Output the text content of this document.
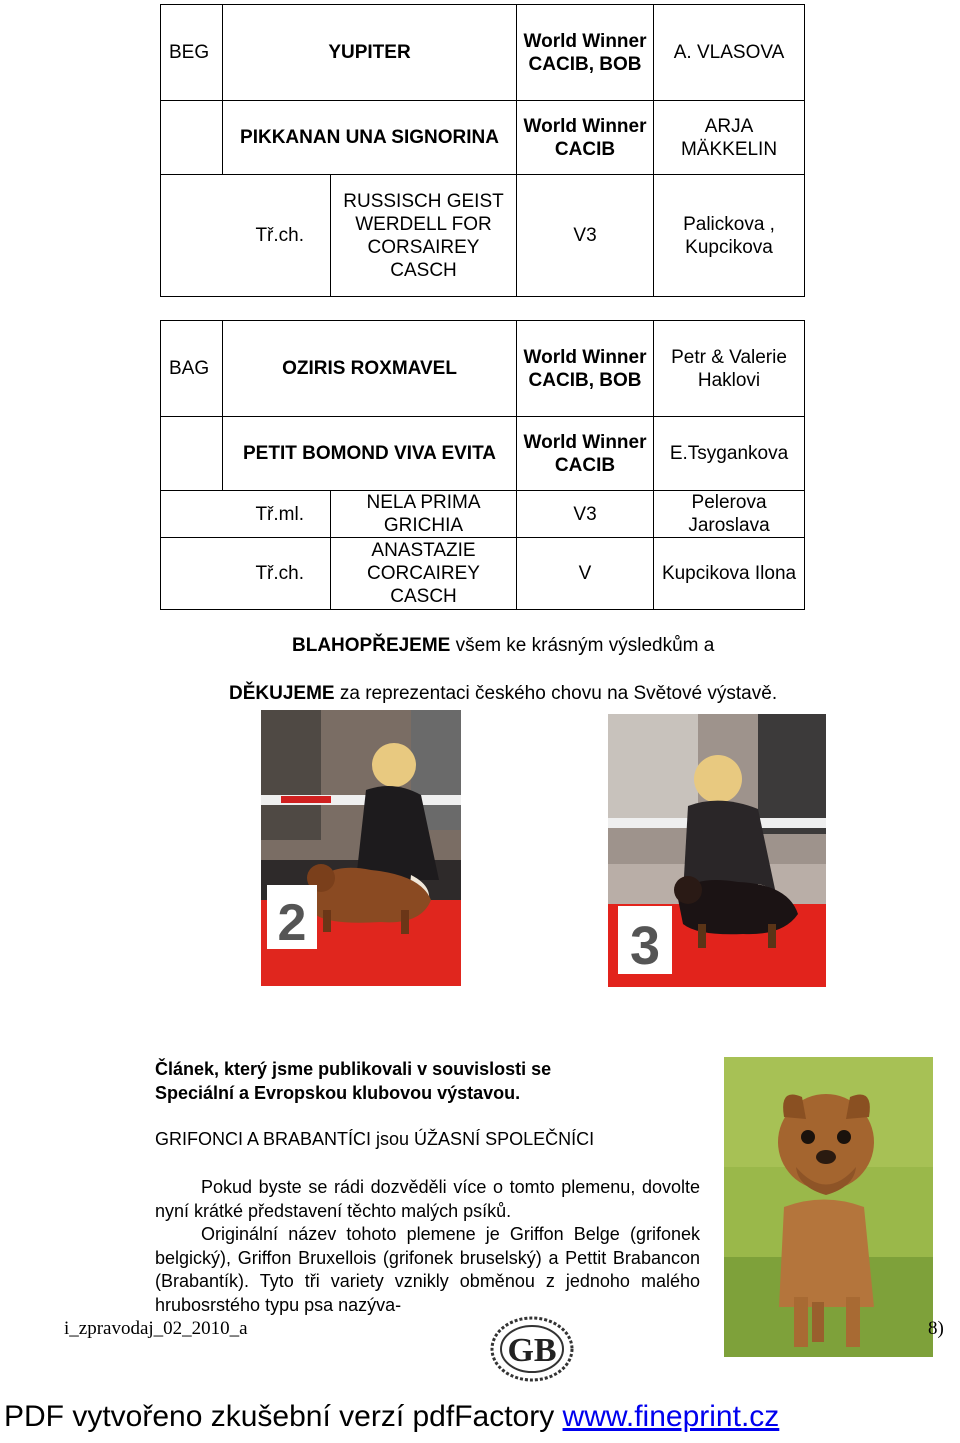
BEG	YUPITER		World Winner CACIB, BOB	A. VLASOVA
	PIKKANAN UNA SIGNORINA		World Winner CACIB	ARJA MÄKKELIN
Tř.ch.		RUSSISCH GEIST WERDELL FOR CORSAIREY CASCH	V3	Palickova , Kupcikova
BAG	OZIRIS ROXMAVEL		World Winner CACIB, BOB	Petr & Valerie Haklovi
	PETIT BOMOND VIVA EVITA		World Winner CACIB	E.Tsygankova
Tř.ml.		NELA PRIMA GRICHIA	V3	Pelerova Jaroslava
Tř.ch.		ANASTAZIE CORCAIREY CASCH	V	Kupcikova Ilona
BLAHOPŘEJEME všem ke krásným výsledkům a
DĚKUJEME za reprezentaci českého chovu na Světové výstavě.
2	3

Článek, který jsme publikovali v souvislosti se Speciální a Evropskou klubovou výstavou.

GRIFONCI A BRABANTÍCI jsou ÚŽASNÍ SPOLEČNÍCI

Pokud byste se rádi dozvěděli více o tomto plemenu, dovolte nyní krátké představení těchto malých psíků.

Originální název tohoto plemene je Griffon Belge (grifonek belgický), Griffon Bruxellois (grifonek bruselský) a Pettit Brabancon (Brabantík). Tyto tři variety vznikly obměnou z jednoho malého hrubosrstého typu psa nazýva-

i_zpravodaj_02_2010_a	8)
GB
PDF vytvořeno zkušební verzí pdfFactory www.fineprint.cz
